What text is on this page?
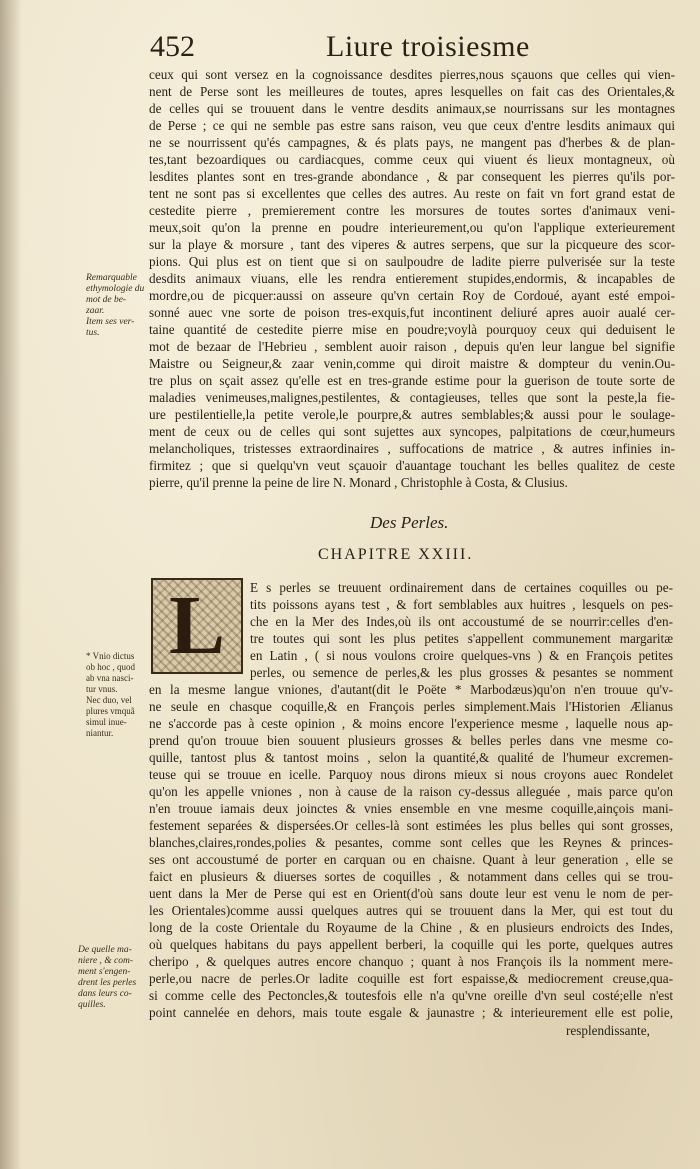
452	Liure troisiesme
ceux qui sont versez en la cognoissance desdites pierres,nous sçauons que celles qui vien-
nent de Perse sont les meilleures de toutes, apres lesquelles on fait cas des Orientales,&
de celles qui se trouuent dans le ventre desdits animaux,se nourrissans sur les montagnes
de Perse ; ce qui ne semble pas estre sans raison, veu que ceux d'entre lesdits animaux qui
ne se nourrissent qu'és campagnes, & és plats pays, ne mangent pas d'herbes & de plan-
tes,tant bezoardiques ou cardiacques, comme ceux qui viuent és lieux montagneux, où
lesdites plantes sont en tres-grande abondance , & par consequent les pierres qu'ils por-
tent ne sont pas si excellentes que celles des autres. Au reste on fait vn fort grand estat de
cestedite pierre , premierement contre les morsures de toutes sortes d'animaux veni-
meux,soit qu'on la prenne en poudre interieurement,ou qu'on l'applique exterieurement
sur la playe & morsure , tant des viperes & autres serpens, que sur la picqueure des scor-
pions. Qui plus est on tient que si on saulpoudre de ladite pierre pulverisée sur la teste
desdits animaux viuans, elle les rendra entierement stupides,endormis, & incapables de
mordre,ou de picquer:aussi on asseure qu'vn certain Roy de Cordoué, ayant esté empoi-
sonné auec vne sorte de poison tres-exquis,fut incontinent deliuré apres auoir aualé cer-
taine quantité de cestedite pierre mise en poudre;voylà pourquoy ceux qui deduisent le
mot de bezaar de l'Hebrieu , semblent auoir raison , depuis qu'en leur langue bel signifie
Maistre ou Seigneur,& zaar venin,comme qui diroit maistre & dompteur du venin.Ou-
tre plus on sçait assez qu'elle est en tres-grande estime pour la guerison de toute sorte de
maladies venimeuses,malignes,pestilentes, & contagieuses, telles que sont la peste,la fie-
ure pestilentielle,la petite verole,le pourpre,& autres semblables;& aussi pour le soulage-
ment de ceux ou de celles qui sont sujettes aux syncopes, palpitations de cœur,humeurs
melancholiques, tristesses extraordinaires , suffocations de matrice , & autres infinies in-
firmitez ; que si quelqu'vn veut sçauoir d'auantage touchant les belles qualitez de ceste
pierre, qu'il prenne la peine de lire N. Monard , Christophle à Costa, & Clusius.
Remarquable
ethymologie du
mot de be-
zaar.
Item ses ver-
tus.
Des Perles.
CHAPITRE XXIII.
L E s perles se treuuent ordinairement dans de certaines coquilles ou pe-
tits poissons ayans test , & fort semblables aux huitres , lesquels on pes-
che en la Mer des Indes,où ils ont accoustumé de se nourrir:celles d'en-
tre toutes qui sont les plus petites s'appellent communement margaritæ
en Latin , ( si nous voulons croire quelques-vns ) & en François petites
perles, ou semence de perles,& les plus grosses & pesantes se nomment
en la mesme langue vniones, d'autant(dit le Poëte * Marbodæus)qu'on n'en trouue qu'v-
ne seule en chasque coquille,& en François perles simplement.Mais l'Historien Ælianus
ne s'accorde pas à ceste opinion , & moins encore l'experience mesme , laquelle nous ap-
prend qu'on trouue bien souuent plusieurs grosses & belles perles dans vne mesme co-
quille, tantost plus & tantost moins , selon la quantité,& qualité de l'humeur excremen-
teuse qui se trouue en icelle. Parquoy nous dirons mieux si nous croyons auec Rondelet
qu'on les appelle vniones , non à cause de la raison cy-dessus alleguée , mais parce qu'on
n'en trouue iamais deux joinctes & vnies ensemble en vne mesme coquille,ainçois mani-
festement separées & dispersées.Or celles-là sont estimées les plus belles qui sont grosses,
blanches,claires,rondes,polies & pesantes, comme sont celles que les Reynes & princes-
ses ont accoustumé de porter en carquan ou en chaisne. Quant à leur generation , elle se
faict en plusieurs & diuerses sortes de coquilles , & notamment dans celles qui se trou-
uent dans la Mer de Perse qui est en Orient(d'où sans doute leur est venu le nom de per-
les Orientales)comme aussi quelques autres qui se trouuent dans la Mer, qui est tout du
long de la coste Orientale du Royaume de la Chine , & en plusieurs endroicts des Indes,
où quelques habitans du pays appellent berberi, la coquille qui les porte, quelques autres
cheripo , & quelques autres encore chanquo ; quant à nos François ils la nomment mere-
perle,ou nacre de perles.Or ladite coquille est fort espaisse,& mediocrement creuse,qua-
si comme celle des Pectoncles,& toutesfois elle n'a qu'vne oreille d'vn seul costé;elle n'est
point cannelée en dehors, mais toute esgale & jaunastre ; & interieurement elle est polie,
* Vnio dictus
ob hoc , quod
ab vna nasci-
tur vnus.
Nec duo, vel
plures vmquã
simul inue-
niantur.
De quelle ma-
niere , & com-
ment s'engen-
drent les perles
dans leurs co-
quilles.
resplendissante,
